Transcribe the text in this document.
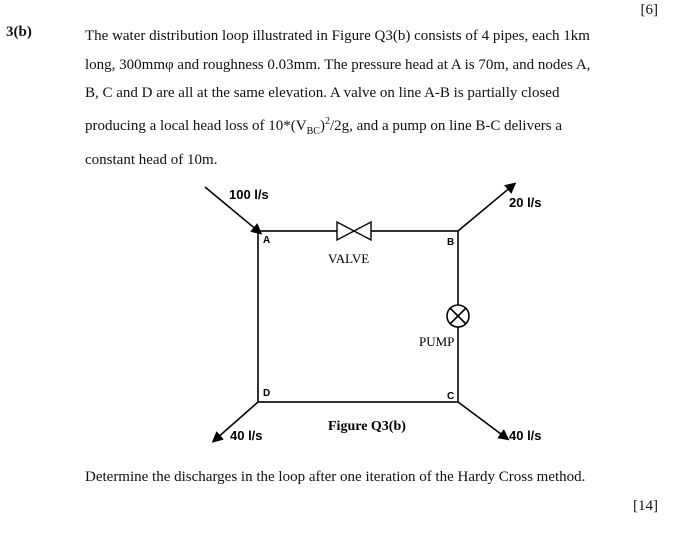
[6]
3(b)	The water distribution loop illustrated in Figure Q3(b) consists of 4 pipes, each 1km

long, 300mmφ and roughness 0.03mm. The pressure head at A is 70m, and nodes A,

B, C and D are all at the same elevation. A valve on line A-B is partially closed

producing a local head loss of $10*(V_{BC})^2/2g$, and a pump on line B-C delivers a

constant head of 10m.

100 l/s
20 l/s
40 l/s
40 l/s
A	B
C
D
VALVE
PUMP
Figure Q3(b)
Determine the discharges in the loop after one iteration of the Hardy Cross method.
[14]
